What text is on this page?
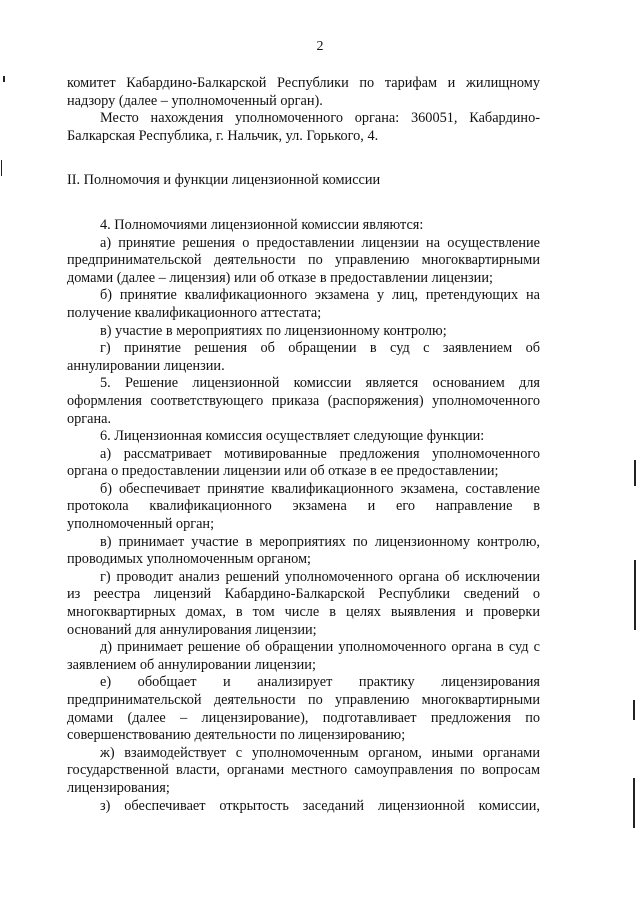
2

комитет Кабардино-Балкарской Республики по тарифам и жилищному надзору (далее – уполномоченный орган).

Место нахождения уполномоченного органа: 360051, Кабардино-Балкарская Республика, г. Нальчик, ул. Горького, 4.

II. Полномочия и функции лицензионной комиссии

4. Полномочиями лицензионной комиссии являются:

а) принятие решения о предоставлении лицензии на осуществление предпринимательской деятельности по управлению многоквартирными домами (далее – лицензия) или об отказе в предоставлении лицензии;

б) принятие квалификационного экзамена у лиц, претендующих на получение квалификационного аттестата;

в) участие в мероприятиях по лицензионному контролю;

г) принятие решения об обращении в суд с заявлением об аннулировании лицензии.

5. Решение лицензионной комиссии является основанием для оформления соответствующего приказа (распоряжения) уполномоченного органа.

6. Лицензионная комиссия осуществляет следующие функции:

а) рассматривает мотивированные предложения уполномоченного органа о предоставлении лицензии или об отказе в ее предоставлении;

б) обеспечивает принятие квалификационного экзамена, составление протокола квалификационного экзамена и его направление в уполномоченный орган;

в) принимает участие в мероприятиях по лицензионному контролю, проводимых уполномоченным органом;

г) проводит анализ решений уполномоченного органа об исключении из реестра лицензий Кабардино-Балкарской Республики сведений о многоквартирных домах, в том числе в целях выявления и проверки оснований для аннулирования лицензии;

д) принимает решение об обращении уполномоченного органа в суд с заявлением об аннулировании лицензии;

е) обобщает и анализирует практику лицензирования предпринимательской деятельности по управлению многоквартирными домами (далее – лицензирование), подготавливает предложения по совершенствованию деятельности по лицензированию;

ж) взаимодействует с уполномоченным органом, иными органами государственной власти, органами местного самоуправления по вопросам лицензирования;

з) обеспечивает открытость заседаний лицензионной комиссии,
